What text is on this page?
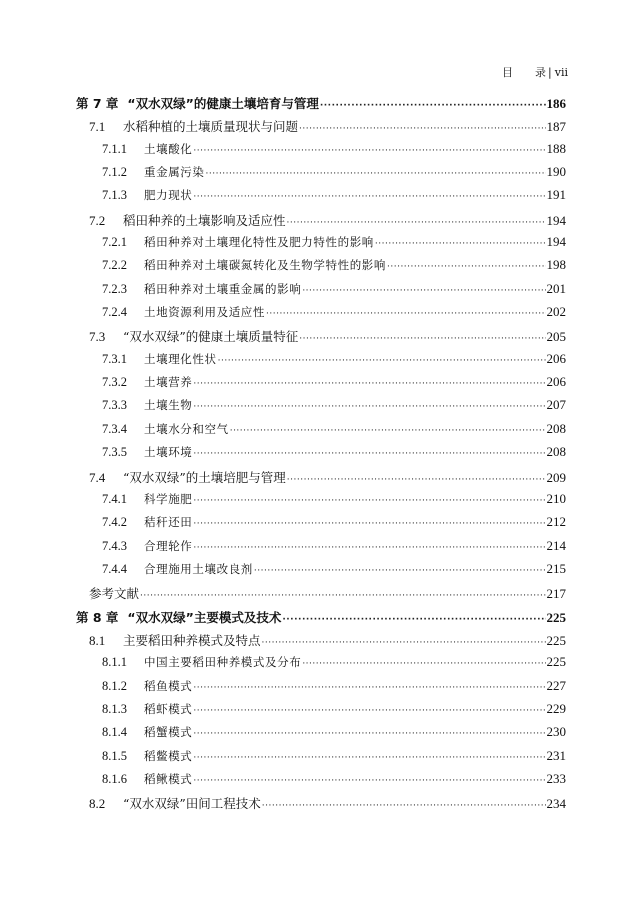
目　　录 | vii
第 7 章 “双水双绿”的健康土壤培育与管理 ·····	186
7.1	水稻种植的土壤质量现状与问题 ·····	187
7.1.1	土壤酸化 ·····	188
7.1.2	重金属污染 ·····	190
7.1.3	肥力现状 ·····	191
7.2	稻田种养的土壤影响及适应性 ·····	194
7.2.1	稻田种养对土壤理化特性及肥力特性的影响 ·····	194
7.2.2	稻田种养对土壤碳氮转化及生物学特性的影响 ·····	198
7.2.3	稻田种养对土壤重金属的影响 ·····	201
7.2.4	土地资源利用及适应性 ·····	202
7.3	“双水双绿”的健康土壤质量特征 ·····	205
7.3.1	土壤理化性状 ·····	206
7.3.2	土壤营养 ·····	206
7.3.3	土壤生物 ·····	207
7.3.4	土壤水分和空气 ·····	208
7.3.5	土壤环境 ·····	208
7.4	“双水双绿”的土壤培肥与管理 ·····	209
7.4.1	科学施肥 ·····	210
7.4.2	秸秆还田 ·····	212
7.4.3	合理轮作 ·····	214
7.4.4	合理施用土壤改良剂 ·····	215
参考文献 ·····	217
第 8 章 “双水双绿”主要模式及技术 ·····	225
8.1	主要稻田种养模式及特点 ·····	225
8.1.1	中国主要稻田种养模式及分布 ·····	225
8.1.2	稻鱼模式 ·····	227
8.1.3	稻虾模式 ·····	229
8.1.4	稻蟹模式 ·····	230
8.1.5	稻鳖模式 ·····	231
8.1.6	稻鳅模式 ·····	233
8.2	“双水双绿”田间工程技术 ·····	234
